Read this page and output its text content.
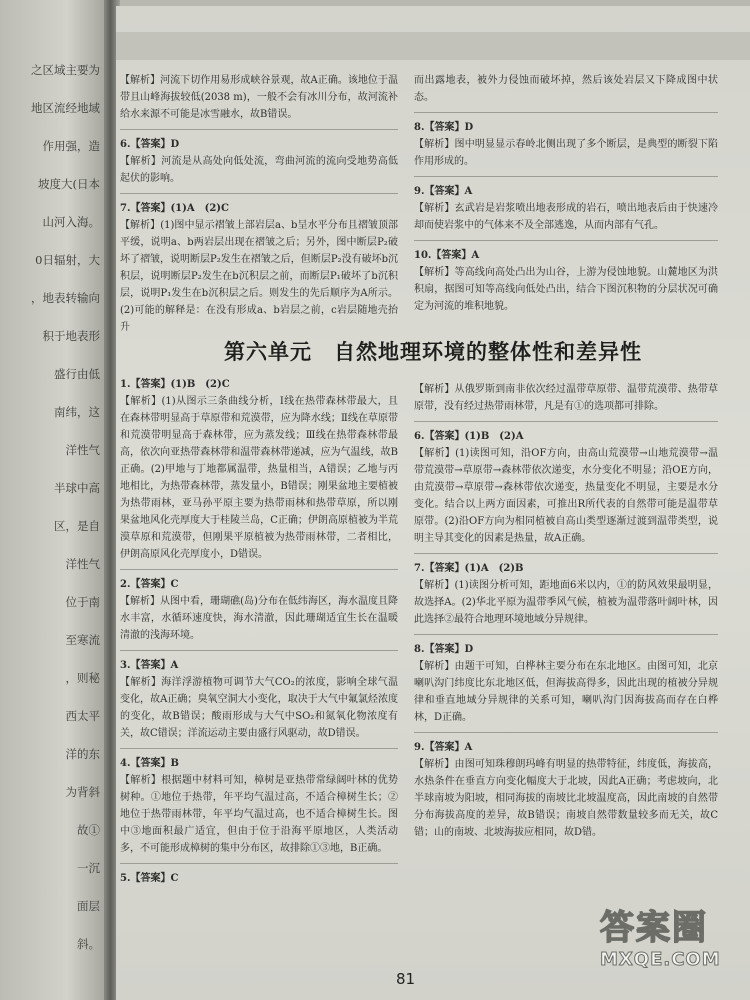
之区域主要为
地区流经地域
作用强，造
坡度大(日本
山河入海。
0日辐射，大
，地表转输向
积于地表形
盛行由低
南纬，这
洋性气
半球中高
区，是自
洋性气
位于南
至寒流
，则秘
西太平
洋的东
为背斜
故①
一沉
面层
斜。
【解析】河流下切作用易形成峡谷景观，故A正确。该地位于温带且山峰海拔较低(2038 m)，一般不会有冰川分布，故河流补给水来源不可能是冰雪融水，故B错误。
6.【答案】D
【解析】河流是从高处向低处流，弯曲河流的流向受地势高低起伏的影响。
7.【答案】(1)A　(2)C
【解析】(1)图中显示褶皱上部岩层a、b呈水平分布且褶皱顶部平缓，说明a、b两岩层出现在褶皱之后；另外，图中断层P₂破坏了褶皱，说明断层P₂发生在褶皱之后，但断层P₂没有破坏b沉积层，说明断层P₂发生在b沉积层之前，而断层P₁破坏了b沉积层，说明P₁发生在b沉积层之后。则发生的先后顺序为A所示。(2)可能的解释是：在没有形成a、b岩层之前，c岩层随地壳抬升
而出露地表，被外力侵蚀而破坏掉，然后该处岩层又下降成图中状态。
8.【答案】D
【解析】图中明显显示春岭北侧出现了多个断层，是典型的断裂下陷作用形成的。
9.【答案】A
【解析】玄武岩是岩浆喷出地表形成的岩石，喷出地表后由于快速冷却而使岩浆中的气体来不及全部逃逸，从而内部有气孔。
10.【答案】A
【解析】等高线向高处凸出为山谷，上游为侵蚀地貌。山麓地区为洪积扇，据图可知等高线向低处凸出，结合下图沉积物的分层状况可确定为河流的堆积地貌。
第六单元　自然地理环境的整体性和差异性
1.【答案】(1)B　(2)C
【解析】(1)从图示三条曲线分析，Ⅰ线在热带森林带最大，且在森林带明显高于草原带和荒漠带，应为降水线；Ⅱ线在草原带和荒漠带明显高于森林带，应为蒸发线；Ⅲ线在热带森林带最高，依次向亚热带森林带和温带森林带递减，应为气温线，故B正确。(2)甲地与丁地都属温带，热量相当，A错误；乙地与丙地相比，为热带森林带，蒸发量小，B错误；刚果盆地主要植被为热带雨林，亚马孙平原主要为热带雨林和热带草原，所以刚果盆地风化壳厚度大于桂陵兰岛，C正确；伊朗高原植被为半荒漠草原和荒漠带，但刚果平原植被为热带雨林带，二者相比，伊朗高原风化壳厚度小，D错误。
2.【答案】C
【解析】从图中看，珊瑚礁(岛)分布在低纬海区，海水温度且降水丰富，水循环速度快，海水清澈，因此珊瑚适宜生长在温暖清澈的浅海环境。
3.【答案】A
【解析】海洋浮游植物可调节大气CO₂的浓度，影响全球气温变化，故A正确；臭氧空洞大小变化，取决于大气中氟氯烃浓度的变化，故B错误；酸雨形成与大气中SO₂和氮氧化物浓度有关，故C错误；洋流运动主要由盛行风驱动，故D错误。
4.【答案】B
【解析】根据题中材料可知，樟树是亚热带常绿阔叶林的优势树种。①地位于热带，年平均气温过高，不适合樟树生长；②地位于热带雨林带，年平均气温过高，也不适合樟树生长。图中③地面积最广适宜，但由于位于沿海平原地区，人类活动多，不可能形成樟树的集中分布区，故排除①③地，B正确。
5.【答案】C
【解析】从俄罗斯到南非依次经过温带草原带、温带荒漠带、热带草原带，没有经过热带雨林带，凡是有①的选项都可排除。
6.【答案】(1)B　(2)A
【解析】(1)读图可知，沿OF方向，由高山荒漠带→山地荒漠带→温带荒漠带→草原带→森林带依次递变，水分变化不明显；沿OE方向，由荒漠带→草原带→森林带依次递变，热量变化不明显，主要是水分变化。结合以上两方面因素，可推出R所代表的自然带可能是温带草原带。(2)沿OF方向为相同植被自高山类型逐渐过渡到温带类型，说明主导其变化的因素是热量，故A正确。
7.【答案】(1)A　(2)B
【解析】(1)读图分析可知，距地面6米以内，①的防风效果最明显，故选择A。(2)华北平原为温带季风气候，植被为温带落叶阔叶林，因此选择②最符合地理环境地域分异规律。
8.【答案】D
【解析】由题干可知，白桦林主要分布在东北地区。由图可知，北京喇叭沟门纬度比东北地区低，但海拔高得多，因此出现的植被分异规律和垂直地域分异规律的关系可知，喇叭沟门因海拔高而存在白桦林，D正确。
9.【答案】A
【解析】由图可知珠穆朗玛峰有明显的热带特征，纬度低，海拔高，水热条件在垂直方向变化幅度大于北坡，因此A正确；考虑坡向，北半球南坡为阳坡，相同海拔的南坡比北坡温度高，因此南坡的自然带分布海拔高度的差异，故B错误；南坡自然带数量较多而无关，故C错；山的南坡、北坡海拔应相同，故D错。
81
答案圈
MXQE.COM
